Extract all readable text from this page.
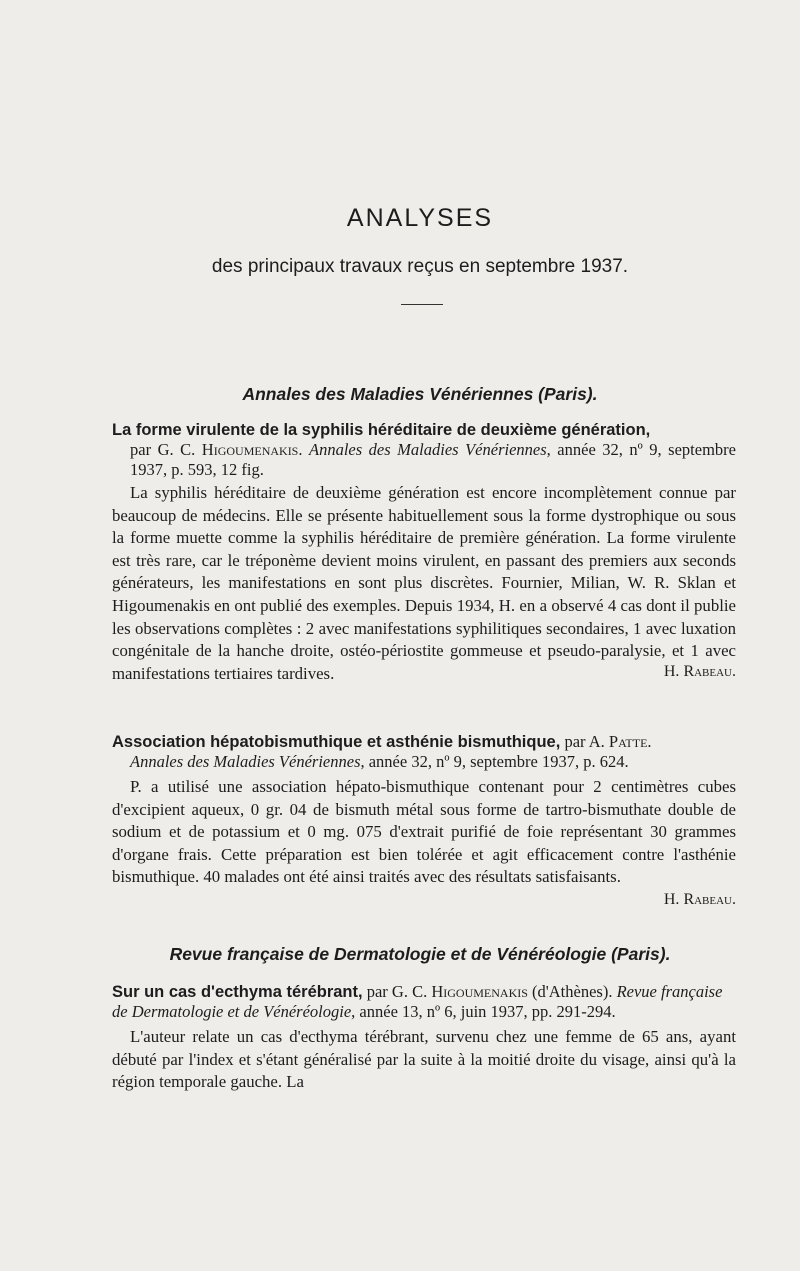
ANALYSES
des principaux travaux reçus en septembre 1937.
Annales des Maladies Vénériennes (Paris).
La forme virulente de la syphilis héréditaire de deuxième génération,
par G. C. Higoumenakis. Annales des Maladies Vénériennes, année 32, nº 9, septembre 1937, p. 593, 12 fig.

La syphilis héréditaire de deuxième génération est encore incomplètement connue par beaucoup de médecins. Elle se présente habituellement sous la forme dystrophique ou sous la forme muette comme la syphilis héréditaire de première génération. La forme virulente est très rare, car le tréponème devient moins virulent, en passant des premiers aux seconds générateurs, les manifestations en sont plus discrètes. Fournier, Milian, W. R. Sklan et Higoumenakis en ont publié des exemples. Depuis 1934, H. en a observé 4 cas dont il publie les observations complètes : 2 avec manifestations syphilitiques secondaires, 1 avec luxation congénitale de la hanche droite, ostéo-périostite gommeuse et pseudo-paralysie, et 1 avec manifestations tertiaires tardives.	H. Rabeau.
Association hépatobismuthique et asthénie bismuthique, par A. Patte.
Annales des Maladies Vénériennes, année 32, nº 9, septembre 1937, p. 624.

P. a utilisé une association hépato-bismuthique contenant pour 2 centimètres cubes d'excipient aqueux, 0 gr. 04 de bismuth métal sous forme de tartro-bismuthate double de sodium et de potassium et 0 mg. 075 d'extrait purifié de foie représentant 30 grammes d'organe frais. Cette préparation est bien tolérée et agit efficacement contre l'asthénie bismuthique. 40 malades ont été ainsi traités avec des résultats satisfaisants.

H. Rabeau.
Revue française de Dermatologie et de Vénéréologie (Paris).
Sur un cas d'ecthyma térébrant, par G. C. Higoumenakis (d'Athènes). Revue française de Dermatologie et de Vénéréologie, année 13, nº 6, juin 1937, pp. 291-294.

L'auteur relate un cas d'ecthyma térébrant, survenu chez une femme de 65 ans, ayant débuté par l'index et s'étant généralisé par la suite à la moitié droite du visage, ainsi qu'à la région temporale gauche. La
